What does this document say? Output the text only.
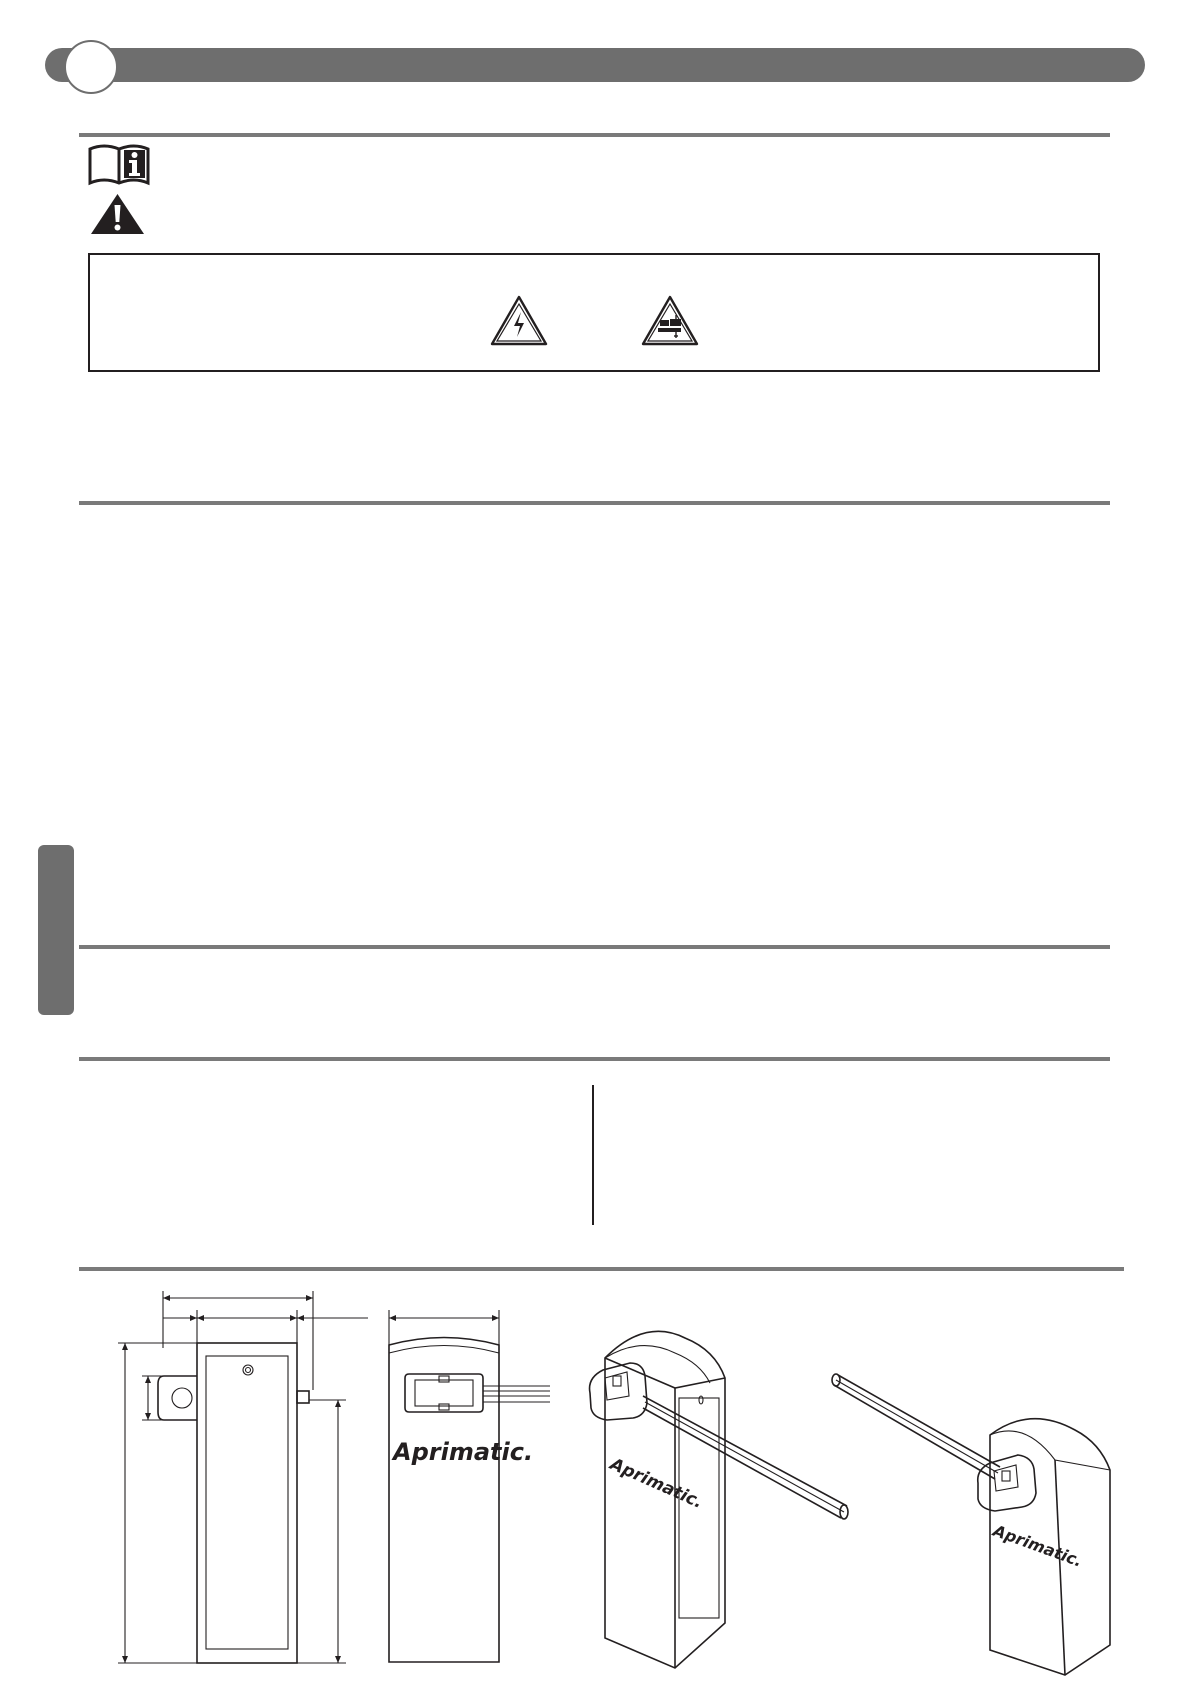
Aprimatic.
Aprimatic.
Aprimatic.
